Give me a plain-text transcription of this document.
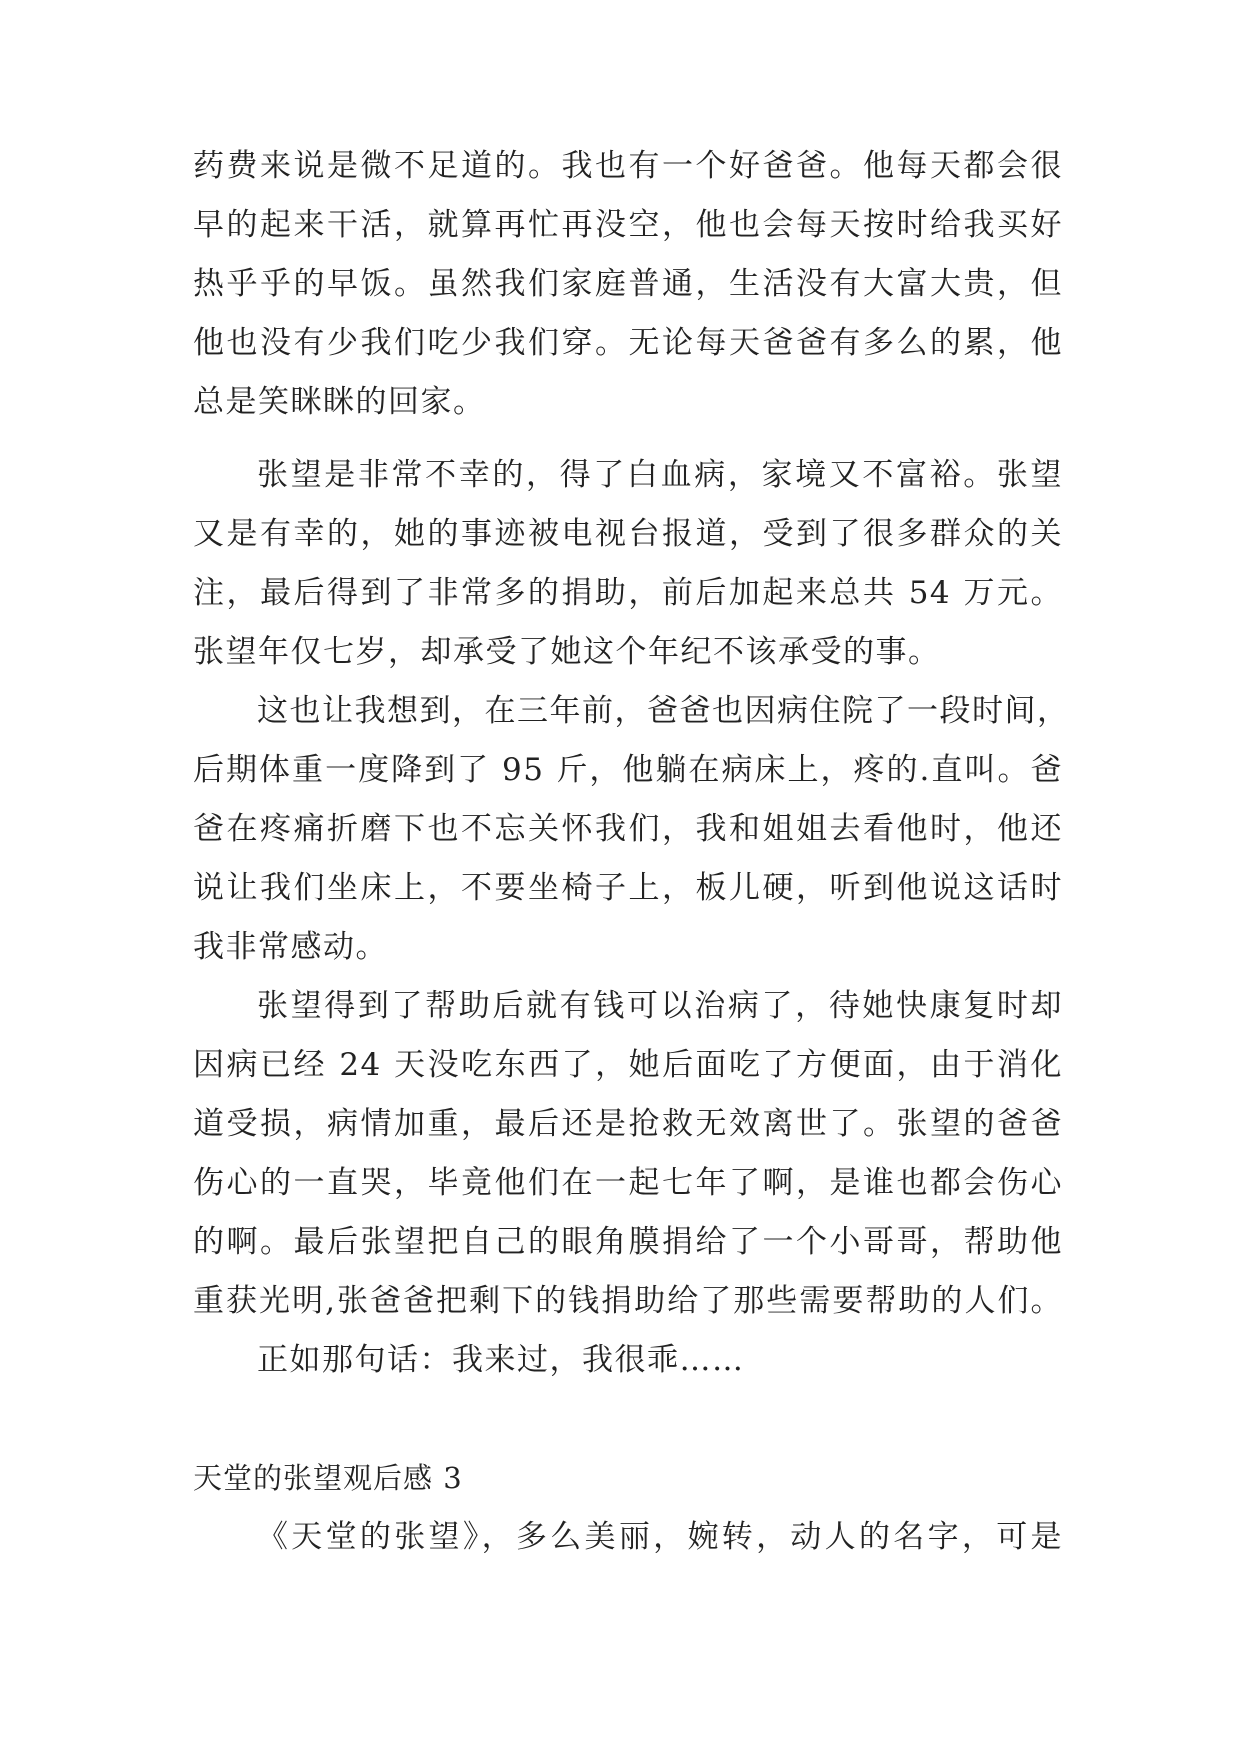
药费来说是微不足道的。我也有一个好爸爸。他每天都会很
早的起来干活，就算再忙再没空，他也会每天按时给我买好
热乎乎的早饭。虽然我们家庭普通，生活没有大富大贵，但
他也没有少我们吃少我们穿。无论每天爸爸有多么的累，他
总是笑眯眯的回家。
张望是非常不幸的，得了白血病，家境又不富裕。张望
又是有幸的，她的事迹被电视台报道，受到了很多群众的关
注，最后得到了非常多的捐助，前后加起来总共 54 万元。
张望年仅七岁，却承受了她这个年纪不该承受的事。
这也让我想到，在三年前，爸爸也因病住院了一段时间，
后期体重一度降到了 95 斤，他躺在病床上，疼的.直叫。爸
爸在疼痛折磨下也不忘关怀我们，我和姐姐去看他时，他还
说让我们坐床上，不要坐椅子上，板儿硬，听到他说这话时
我非常感动。
张望得到了帮助后就有钱可以治病了，待她快康复时却
因病已经 24 天没吃东西了，她后面吃了方便面，由于消化
道受损，病情加重，最后还是抢救无效离世了。张望的爸爸
伤心的一直哭，毕竟他们在一起七年了啊，是谁也都会伤心
的啊。最后张望把自己的眼角膜捐给了一个小哥哥，帮助他
重获光明,张爸爸把剩下的钱捐助给了那些需要帮助的人们。
正如那句话：我来过，我很乖……
天堂的张望观后感 3
《天堂的张望》，多么美丽，婉转，动人的名字，可是
